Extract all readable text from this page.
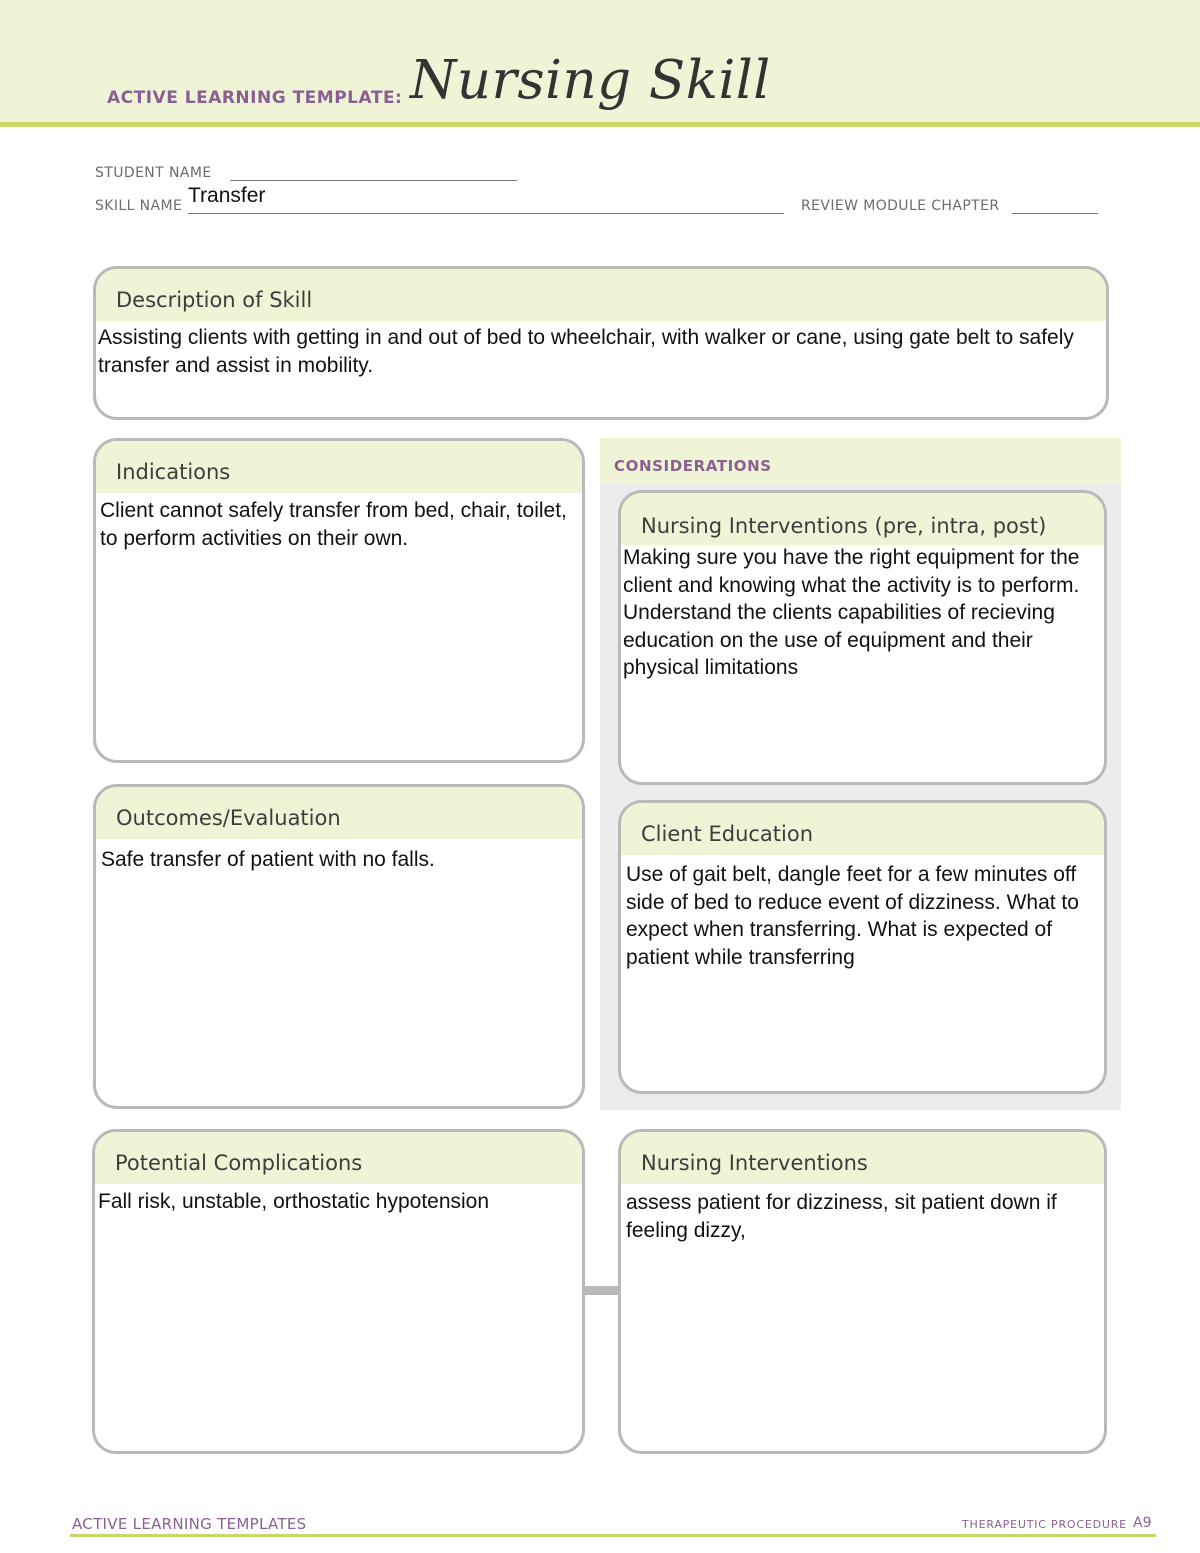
ACTIVE LEARNING TEMPLATE: Nursing Skill
STUDENT NAME
SKILL NAME Transfer	REVIEW MODULE CHAPTER
Description of Skill
Assisting clients with getting in and out of bed to wheelchair, with walker or cane, using gate belt to safely transfer and assist in mobility.
Indications
Client cannot safely transfer from bed, chair, toilet, to perform activities on their own.
Outcomes/Evaluation
Safe transfer of patient with no falls.
CONSIDERATIONS
Nursing Interventions (pre, intra, post)
Making sure you have the right equipment for the client and knowing what the activity is to perform. Understand the clients capabilities of recieving education on the use of equipment and their physical limitations
Client Education
Use of gait belt, dangle feet for a few minutes off side of bed to reduce event of dizziness. What to expect when transferring. What is expected of patient while transferring
Potential Complications
Fall risk, unstable, orthostatic hypotension
Nursing Interventions
assess patient for dizziness, sit patient down if feeling dizzy,
ACTIVE LEARNING TEMPLATES	THERAPEUTIC PROCEDURE A9
